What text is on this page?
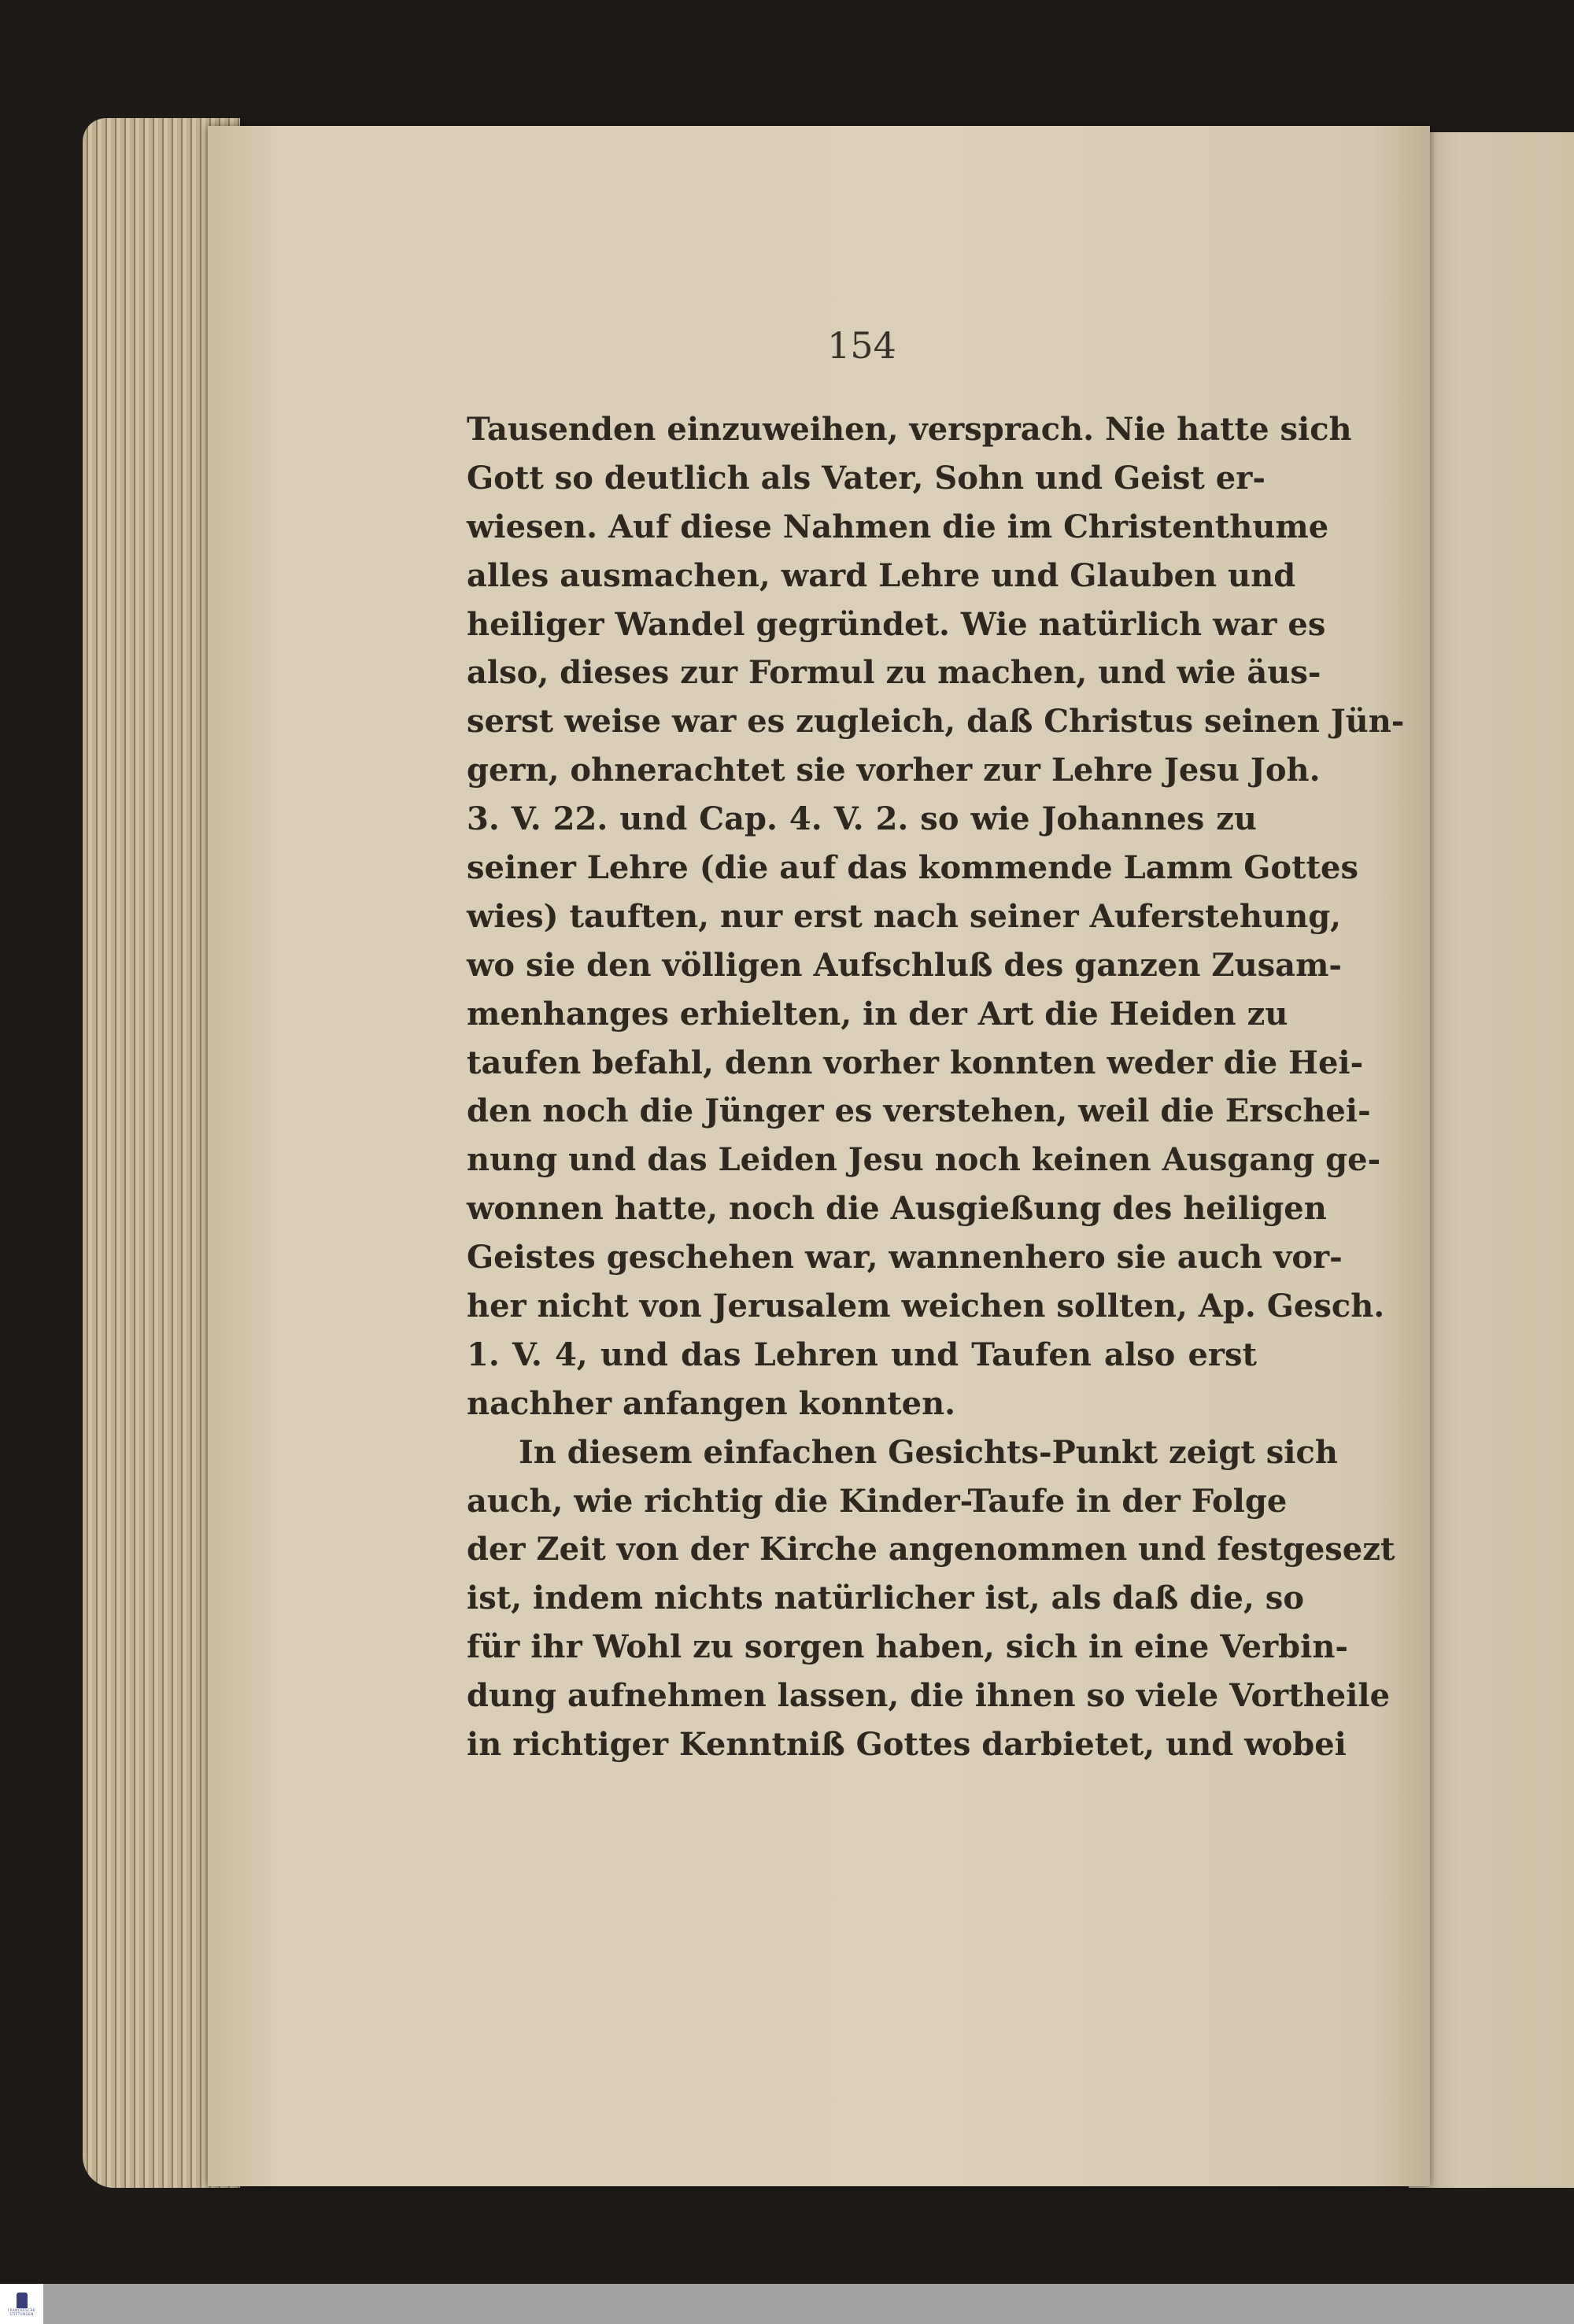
154
Tausenden einzuweihen, versprach. Nie hatte sich
Gott so deutlich als Vater, Sohn und Geist er-
wiesen. Auf diese Nahmen die im Christenthume
alles ausmachen, ward Lehre und Glauben und
heiliger Wandel gegründet. Wie natürlich war es
also, dieses zur Formul zu machen, und wie äus-
serst weise war es zugleich, daß Christus seinen Jün-
gern, ohnerachtet sie vorher zur Lehre Jesu Joh.
3. V. 22. und Cap. 4. V. 2. so wie Johannes zu
seiner Lehre (die auf das kommende Lamm Gottes
wies) tauften, nur erst nach seiner Auferstehung,
wo sie den völligen Aufschluß des ganzen Zusam-
menhanges erhielten, in der Art die Heiden zu
taufen befahl, denn vorher konnten weder die Hei-
den noch die Jünger es verstehen, weil die Erschei-
nung und das Leiden Jesu noch keinen Ausgang ge-
wonnen hatte, noch die Ausgießung des heiligen
Geistes geschehen war, wannenhero sie auch vor-
her nicht von Jerusalem weichen sollten, Ap. Gesch.
1. V. 4, und das Lehren und Taufen also erst
nachher anfangen konnten.
In diesem einfachen Gesichts-Punkt zeigt sich
auch, wie richtig die Kinder-Taufe in der Folge
der Zeit von der Kirche angenommen und festgesezt
ist, indem nichts natürlicher ist, als daß die, so
für ihr Wohl zu sorgen haben, sich in eine Verbin-
dung aufnehmen lassen, die ihnen so viele Vortheile
in richtiger Kenntniß Gottes darbietet, und wobei
FRANCKESCHE STIFTUNGEN
